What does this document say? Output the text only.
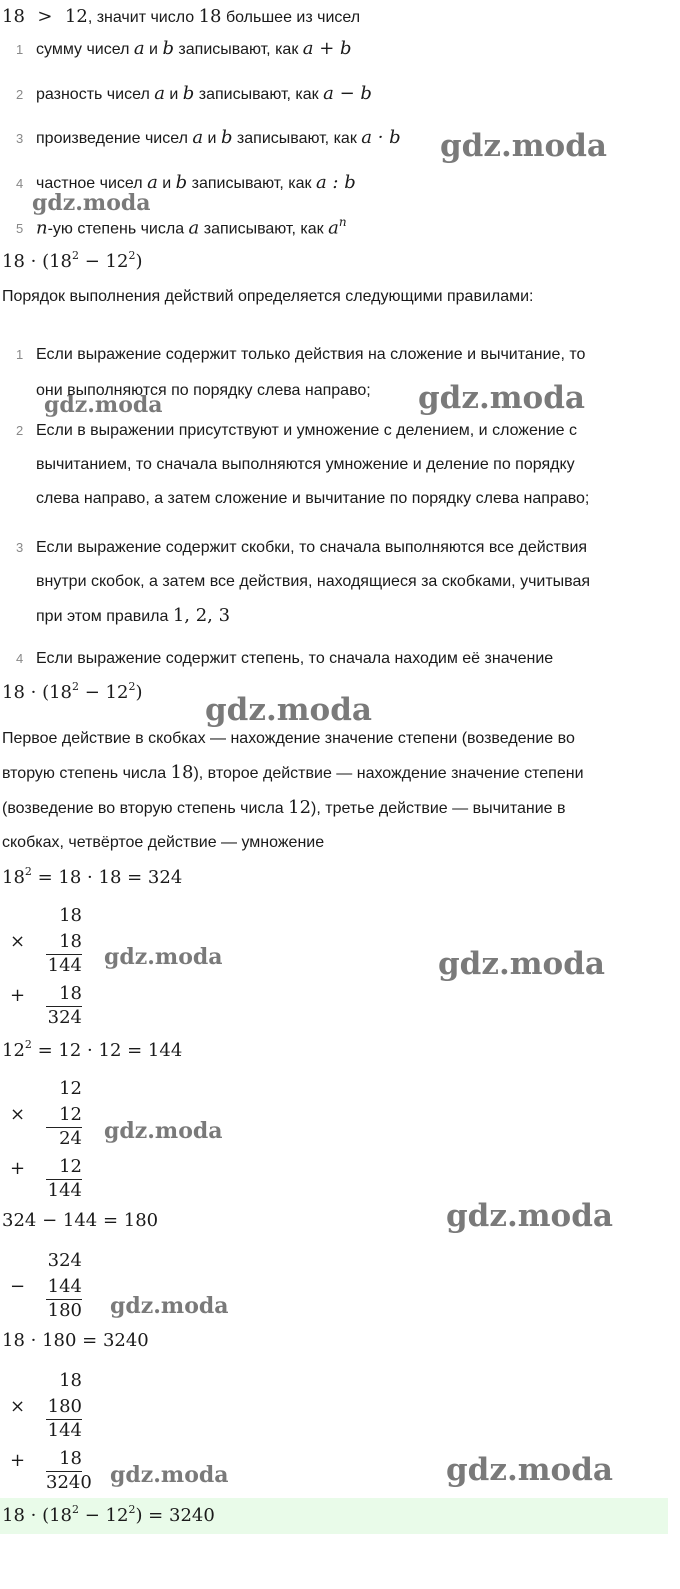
18 > 12, значит число 18 большее из чисел
1 сумму чисел a и b записывают, как a + b
2 разность чисел a и b записывают, как a − b
3 произведение чисел a и b записывают, как a · b
4 частное чисел a и b записывают, как a : b
5 n-ую степень числа a записывают, как $a^n$
$18 \cdot (18^2 - 12^2)$
Порядок выполнения действий определяется следующими правилами:
1 Если выражение содержит только действия на сложение и вычитание, то
они выполняются по порядку слева направо;
2 Если в выражении присутствуют и умножение с делением, и сложение с
вычитанием, то сначала выполняются умножение и деление по порядку
слева направо, а затем сложение и вычитание по порядку слева направо;
3 Если выражение содержит скобки, то сначала выполняются все действия
внутри скобок, а затем все действия, находящиеся за скобками, учитывая
при этом правила 1, 2, 3
4 Если выражение содержит степень, то сначала находим её значение
$18 \cdot (18^2 - 12^2)$
Первое действие в скобках — нахождение значение степени (возведение во
вторую степень числа 18), второе действие — нахождение значение степени
(возведение во вторую степень числа 12), третье действие — вычитание в
скобках, четвёртое действие — умножение
$18^2 = 18 \cdot 18 = 324$
18
×	18
144
+	18
324
$12^2 = 12 \cdot 12 = 144$
12
×	12
24
+	12
144
324 − 144 = 180
324
− 144
180
18 · 180 = 3240
18
× 180
144
+	18
3240
$18 \cdot (18^2 - 12^2) = 3240$
gdz.moda
gdz.moda
gdz.moda	gdz.moda
gdz.moda
gdz.moda	gdz.moda
gdz.moda
gdz.moda
gdz.moda
gdz.moda	gdz.moda
